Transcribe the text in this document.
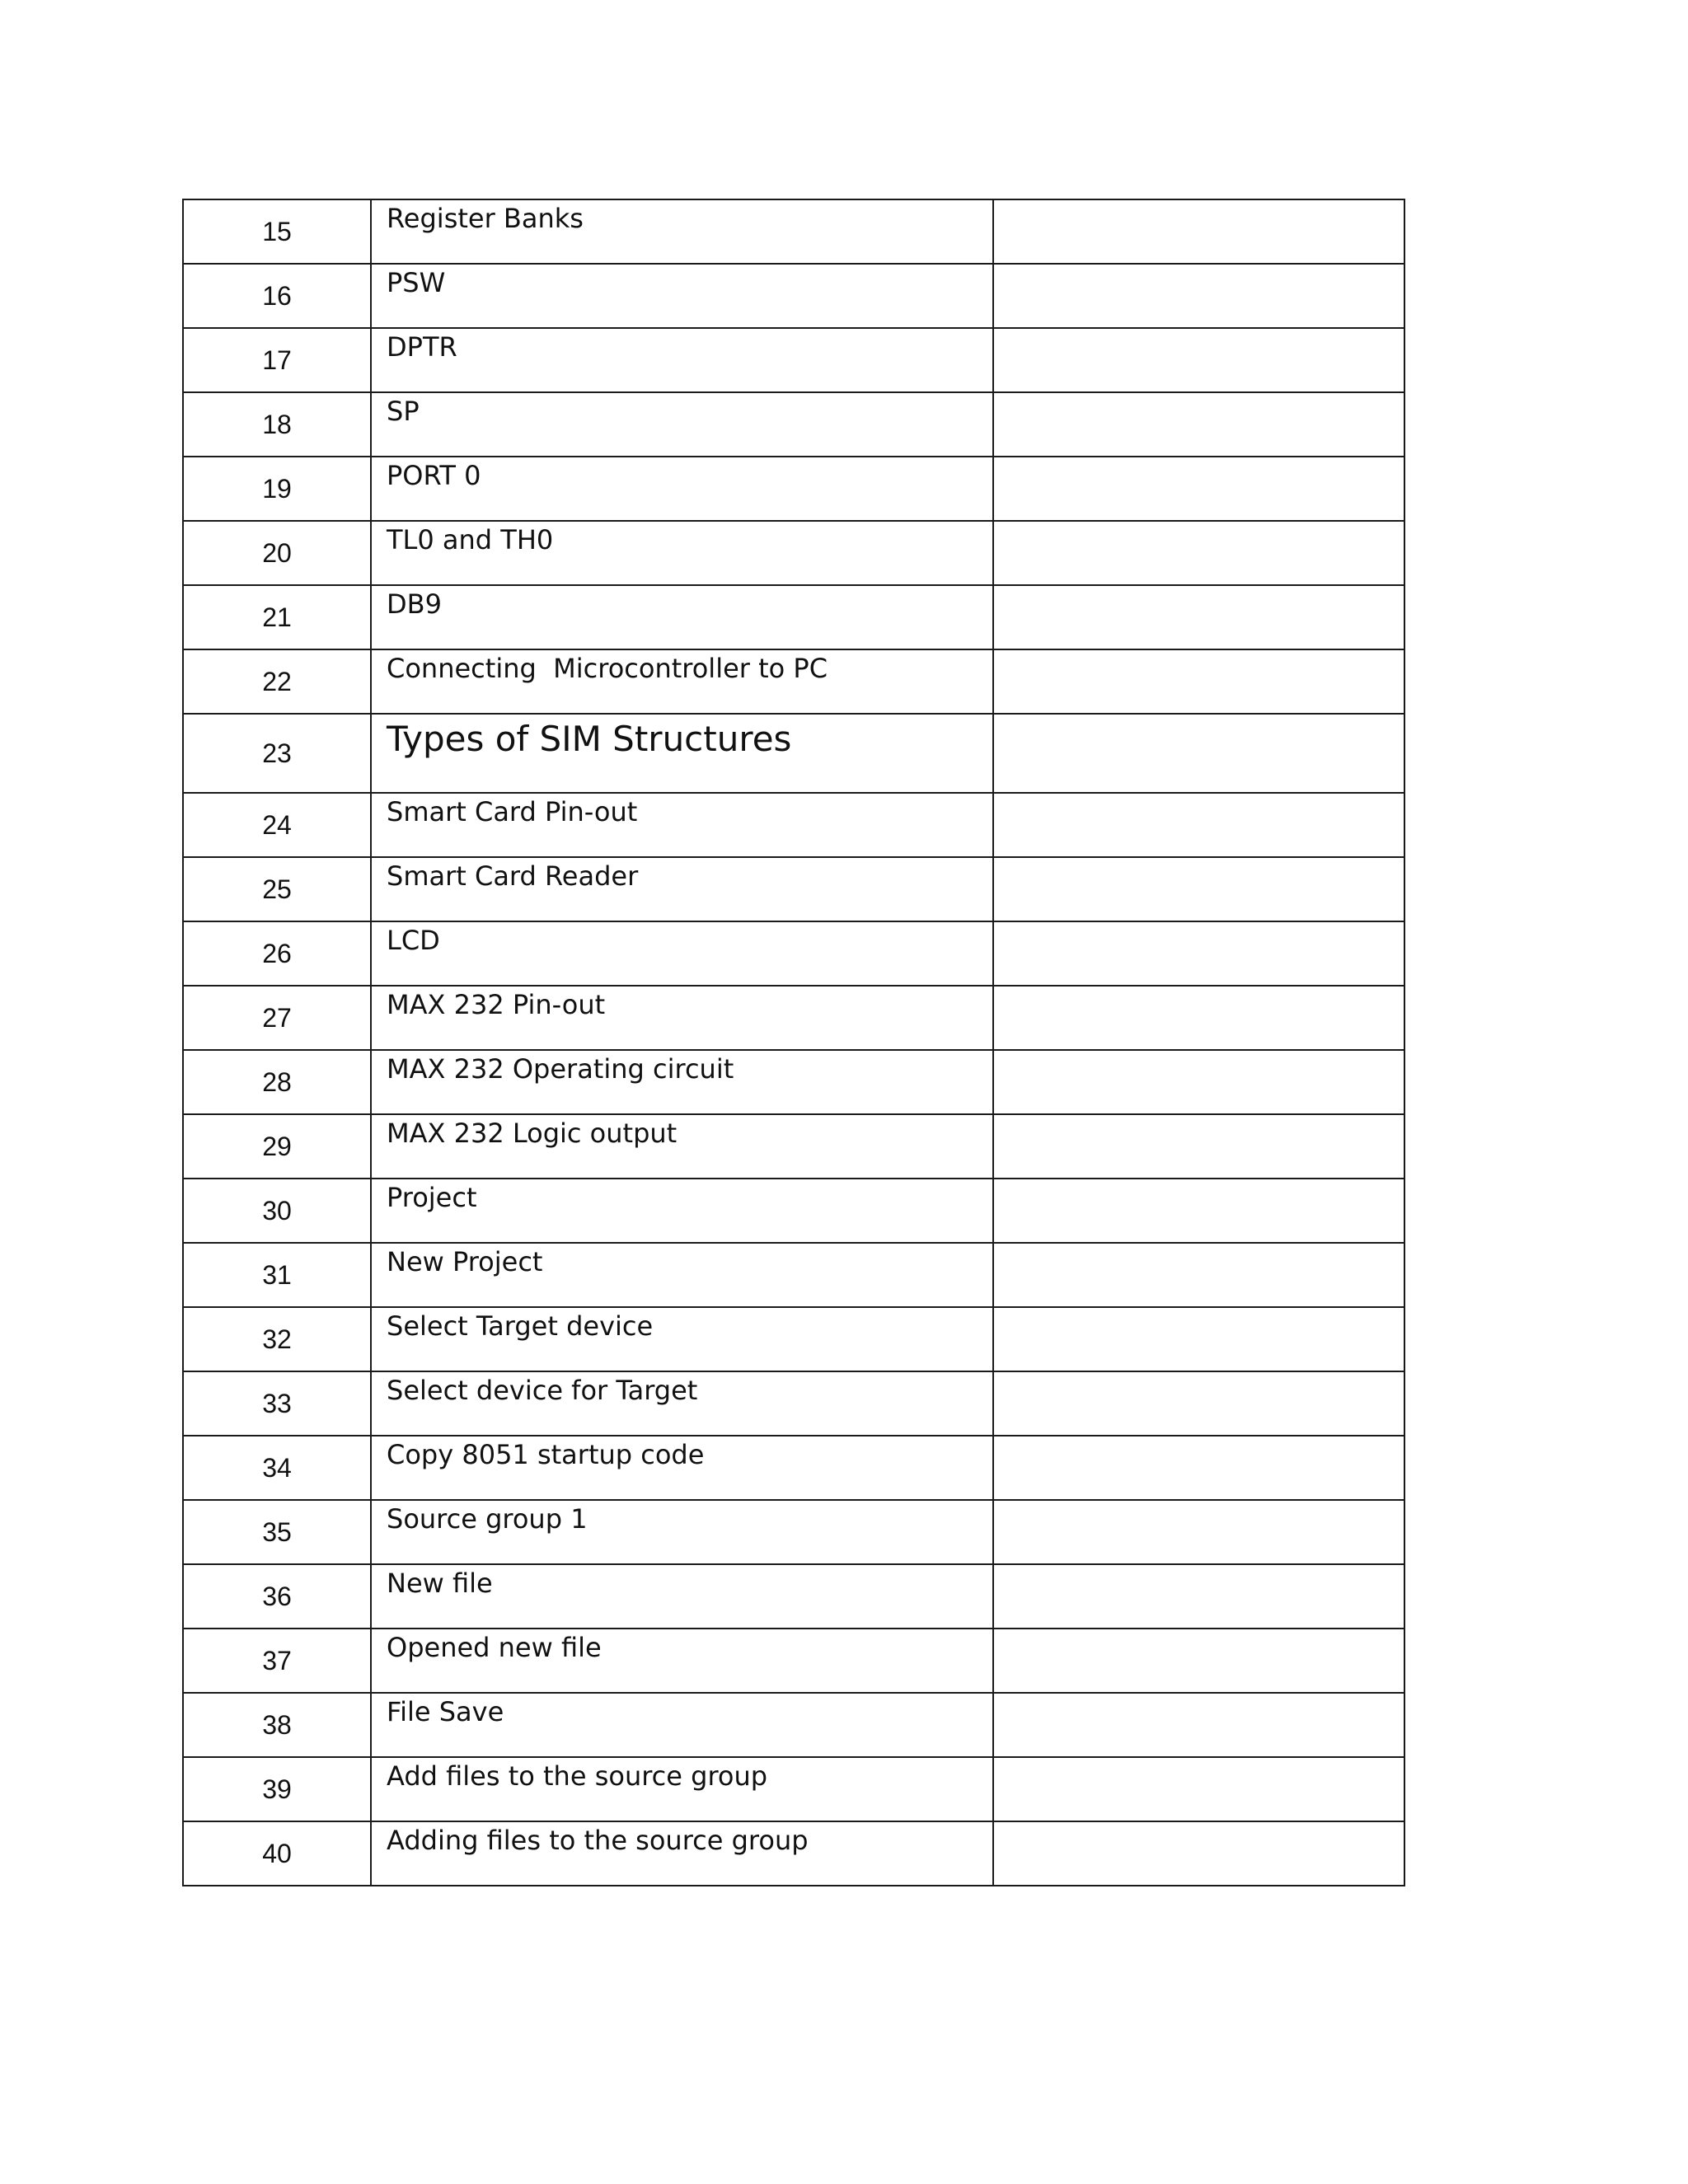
15	Register Banks	
16	PSW	
17	DPTR	
18	SP	
19	PORT 0	
20	TL0 and TH0	
21	DB9	
22	Connecting  Microcontroller to PC	
23	Types of SIM Structures	
24	Smart Card Pin-out	
25	Smart Card Reader	
26	LCD	
27	MAX 232 Pin-out	
28	MAX 232 Operating circuit	
29	MAX 232 Logic output	
30	Project	
31	New Project	
32	Select Target device	
33	Select device for Target	
34	Copy 8051 startup code	
35	Source group 1	
36	New file	
37	Opened new file	
38	File Save	
39	Add files to the source group	
40	Adding files to the source group	
